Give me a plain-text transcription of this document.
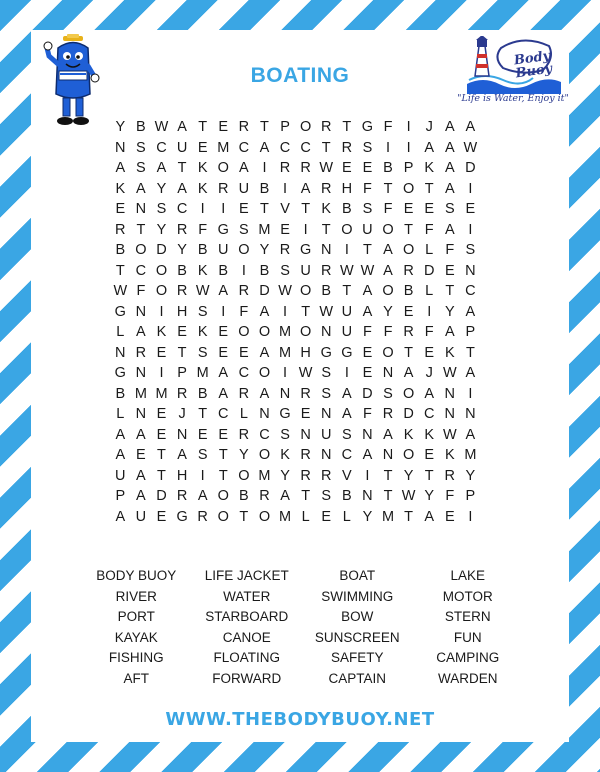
Body Buoy
"Life is Water, Enjoy it"
BOATING
Y B W A T E R T P O R T G F I	J A A
N S C U E M C A C C T R S I	I A A W
A S A T K O A I R R W E E B P K A D
K A Y A K R U B I A R H F T O T A I
E N S C I	I E T V T K B S F E E S E
R T Y R F G S M E I T O U O T F A I
B O D Y B U O Y R G N I T A O L F S
T C O B K B I B S U R W W A R D E N
W F O R W A R D W O B T A O B L T C
G N I H S I F A I T W U A Y E I Y A
L A K E K E O O M O N U F F R F A P
N R E T S E E A M H G G E O T E K T
G N I P M A C O I W S I E N A J W A
B M M R B A R A N R S A D S O A N I
L N E J T C L N G E N A F R D C N N
A A E N E E R C S N U S N A K K W A
A E T A S T Y O K R N C A N O E K M
U A T H I T O M Y R R V I T Y T R Y
P A D R A O B R A T S B N T W Y F P
A U E G R O T O M L E L Y M T A E I
BODY BUOY	LIFE JACKET	BOAT	LAKE
RIVER	WATER	SWIMMING	MOTOR
PORT	STARBOARD	BOW	STERN
KAYAK	CANOE	SUNSCREEN	FUN
FISHING	FLOATING	SAFETY	CAMPING
AFT	FORWARD	CAPTAIN	WARDEN
WWW.THEBODYBUOY.NET
